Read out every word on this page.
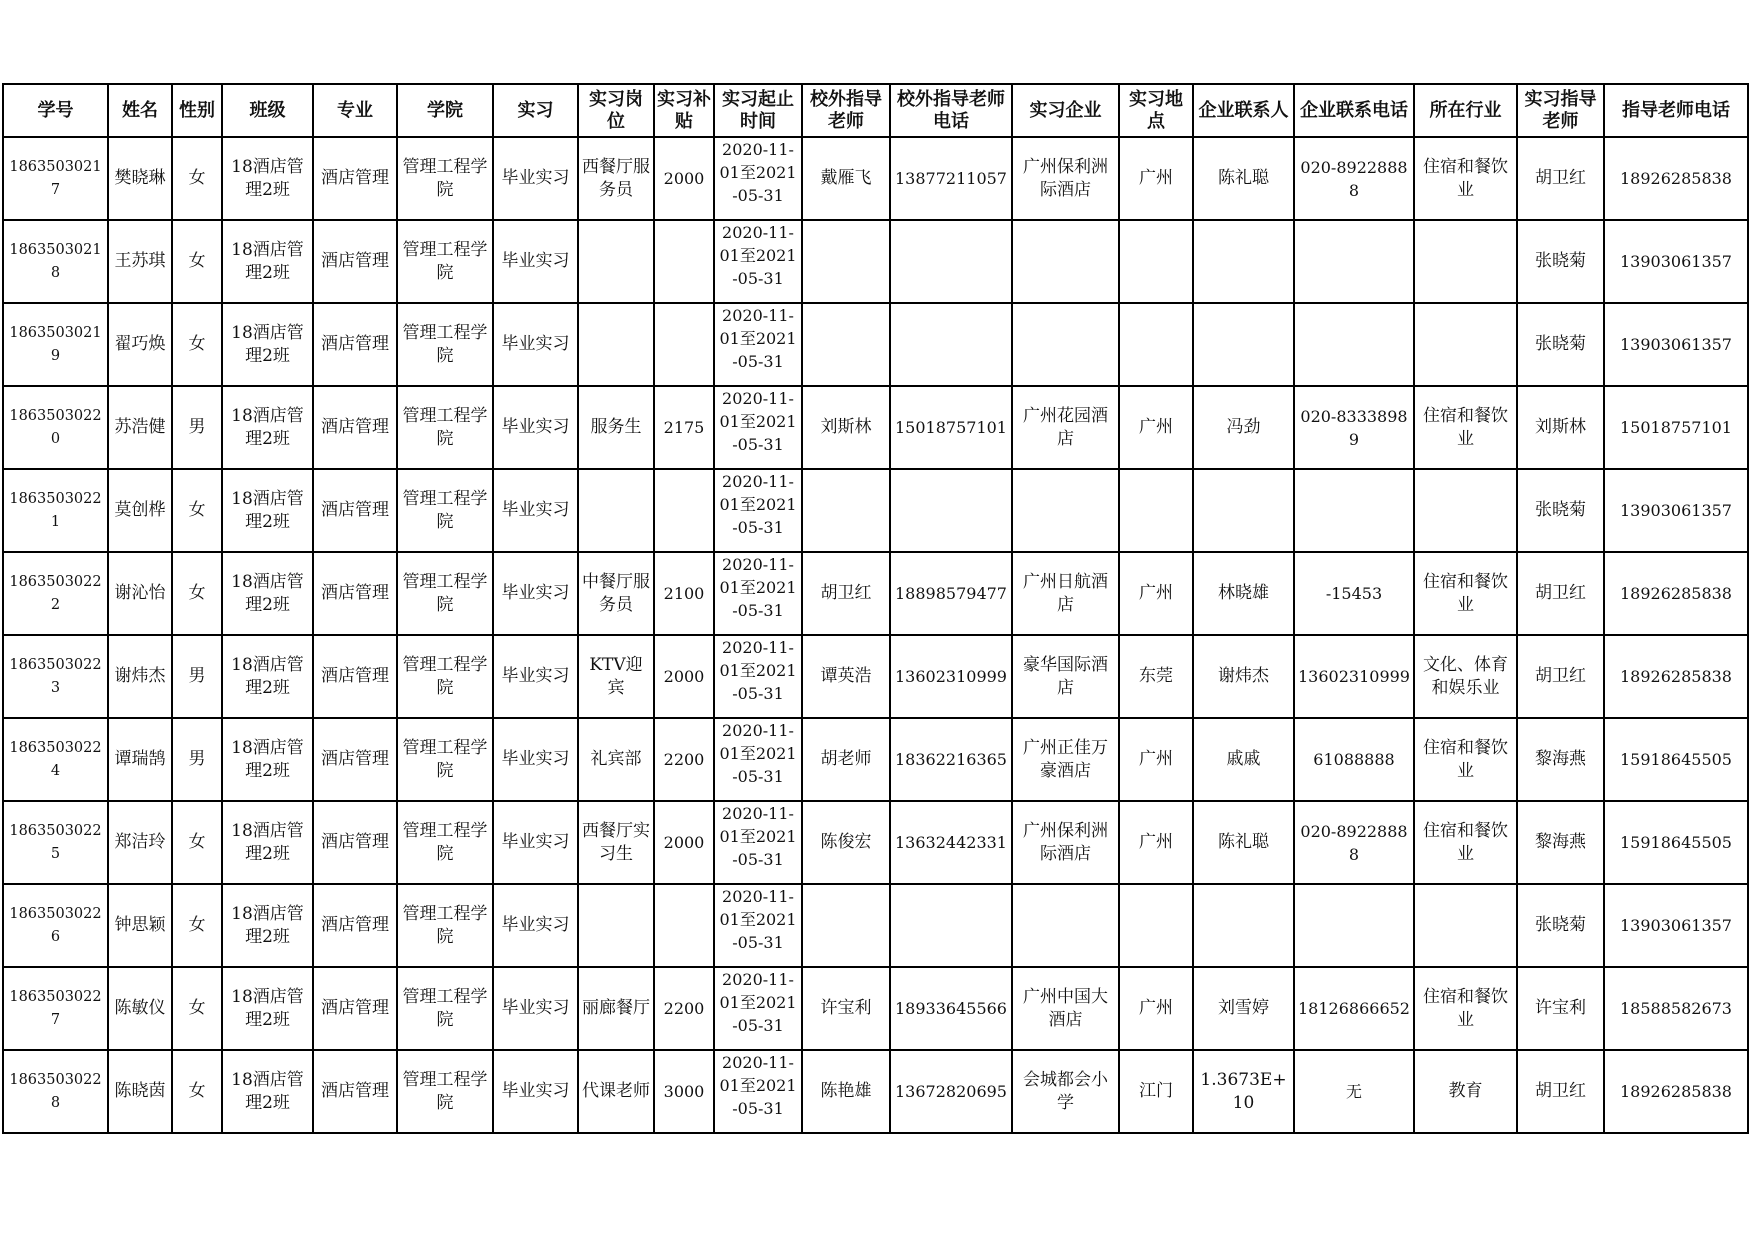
学号	姓名	性别	班级	专业	学院	实习	实习岗位	实习补贴	实习起止时间	校外指导老师	校外指导老师电话	实习企业	实习地点	企业联系人	企业联系电话	所在行业	实习指导老师	指导老师电话

18635030217	樊晓琳	女	18酒店管理2班	酒店管理	管理工程学院	毕业实习	西餐厅服务员	2000	2020-11-01至2021-05-31	戴雁飞	13877211057	广州保利洲际酒店	广州	陈礼聪	020-89228888	住宿和餐饮业	胡卫红	18926285838

18635030218	王苏琪	女	18酒店管理2班	酒店管理	管理工程学院	毕业实习			2020-11-01至2021-05-31								张晓菊	13903061357

18635030219	翟巧焕	女	18酒店管理2班	酒店管理	管理工程学院	毕业实习			2020-11-01至2021-05-31								张晓菊	13903061357

18635030220	苏浩健	男	18酒店管理2班	酒店管理	管理工程学院	毕业实习	服务生	2175	2020-11-01至2021-05-31	刘斯林	15018757101	广州花园酒店	广州	冯劲	020-83338989	住宿和餐饮业	刘斯林	15018757101

18635030221	莫创桦	女	18酒店管理2班	酒店管理	管理工程学院	毕业实习			2020-11-01至2021-05-31								张晓菊	13903061357

18635030222	谢沁怡	女	18酒店管理2班	酒店管理	管理工程学院	毕业实习	中餐厅服务员	2100	2020-11-01至2021-05-31	胡卫红	18898579477	广州日航酒店	广州	林晓雄	-15453	住宿和餐饮业	胡卫红	18926285838

18635030223	谢炜杰	男	18酒店管理2班	酒店管理	管理工程学院	毕业实习	KTV迎宾	2000	2020-11-01至2021-05-31	谭英浩	13602310999	豪华国际酒店	东莞	谢炜杰	13602310999	文化、体育和娱乐业	胡卫红	18926285838

18635030224	谭瑞鹄	男	18酒店管理2班	酒店管理	管理工程学院	毕业实习	礼宾部	2200	2020-11-01至2021-05-31	胡老师	18362216365	广州正佳万豪酒店	广州	戚戚	61088888	住宿和餐饮业	黎海燕	15918645505

18635030225	郑洁玲	女	18酒店管理2班	酒店管理	管理工程学院	毕业实习	西餐厅实习生	2000	2020-11-01至2021-05-31	陈俊宏	13632442331	广州保利洲际酒店	广州	陈礼聪	020-89228888	住宿和餐饮业	黎海燕	15918645505

18635030226	钟思颖	女	18酒店管理2班	酒店管理	管理工程学院	毕业实习			2020-11-01至2021-05-31								张晓菊	13903061357

18635030227	陈敏仪	女	18酒店管理2班	酒店管理	管理工程学院	毕业实习	丽廊餐厅	2200	2020-11-01至2021-05-31	许宝利	18933645566	广州中国大酒店	广州	刘雪婷	18126866652	住宿和餐饮业	许宝利	18588582673

18635030228	陈晓茵	女	18酒店管理2班	酒店管理	管理工程学院	毕业实习	代课老师	3000	2020-11-01至2021-05-31	陈艳雄	13672820695	会城都会小学	江门	1.3673E+10	无	教育	胡卫红	18926285838
